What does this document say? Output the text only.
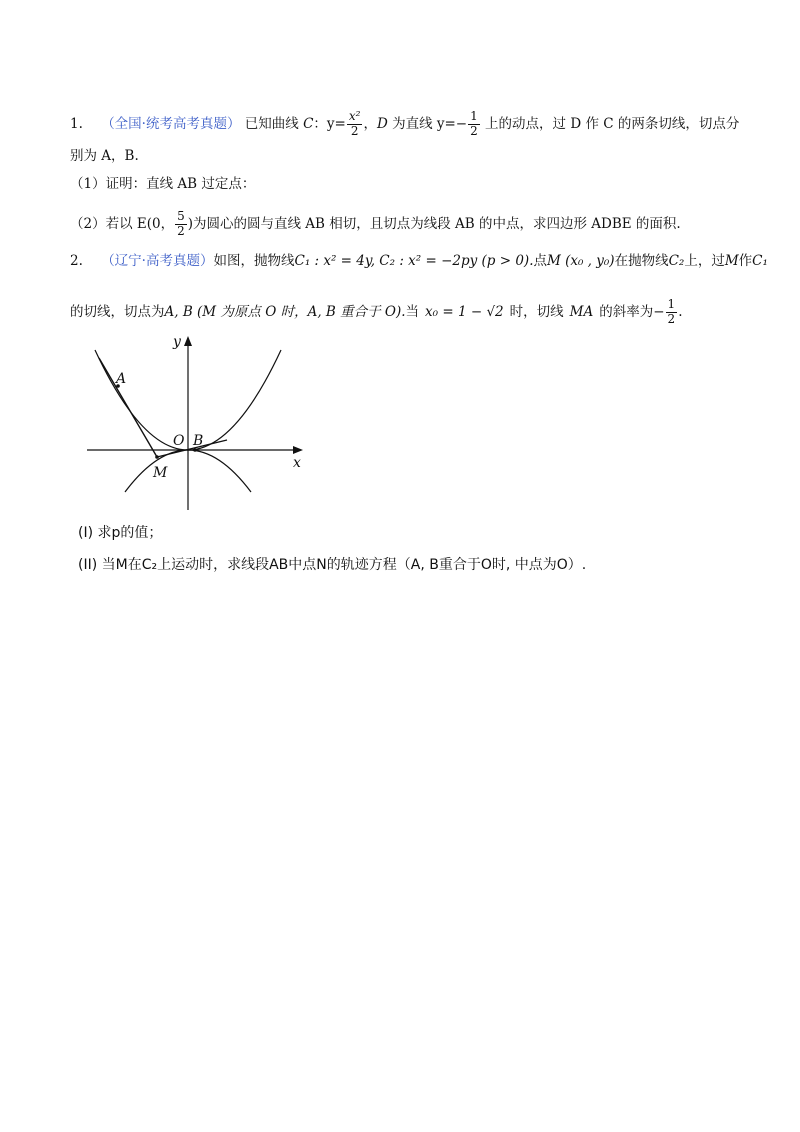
1. （全国·统考高考真题） 已知曲线 C：$y= \frac{\text{x²}}{2}$ ，D 为直线 $y=- \frac{1}{2}$ 上的动点，过 D 作 C 的两条切线，切点分
别为 A，B.
（1）证明：直线 AB 过定点：
（2）若以 E(0， $\frac{5}{2}$ )为圆心的圆与直线 AB 相切，且切点为线段 AB 的中点，求四边形 ADBE 的面积.
2. （辽宁·高考真题）如图，抛物线C₁ : x² = 4y, C₂ : x² = −2py (p > 0).点M (x₀ , y₀)在抛物线C₂上，过M作C₁
的切线，切点为A, B (M 为原点 O 时，A, B 重合于 O).当 x₀ = 1 − √2 时，切线 MA 的斜率为− $\frac{1}{2}$ .
y
x
A
O B
M
(I) 求p的值；
(II) 当M在C₂上运动时，求线段AB中点N的轨迹方程（A, B重合于O时, 中点为O）.
